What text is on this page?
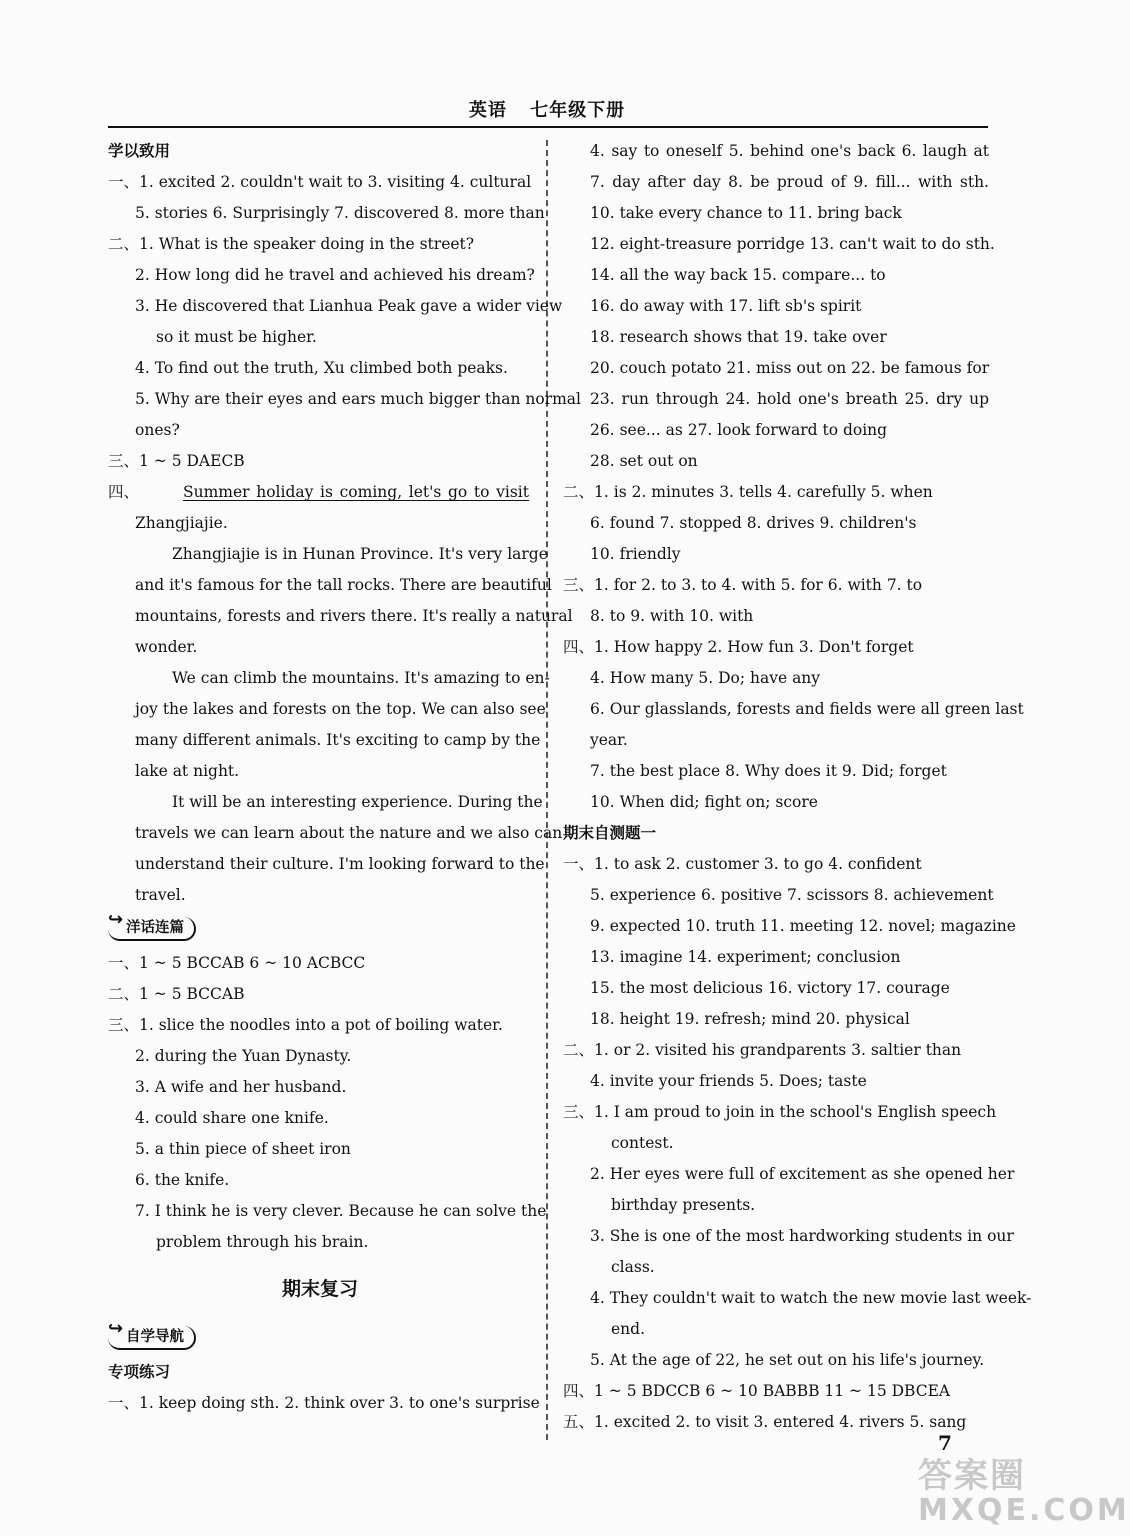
英语 七年级下册
学以致用
一、1. excited 2. couldn't wait to 3. visiting 4. cultural
5. stories 6. Surprisingly 7. discovered 8. more than
二、1. What is the speaker doing in the street?
2. How long did he travel and achieved his dream?
3. He discovered that Lianhua Peak gave a wider view
so it must be higher.
4. To find out the truth, Xu climbed both peaks.
5. Why are their eyes and ears much bigger than normal
ones?
三、1 ~ 5 DAECB
四、	Summer holiday is coming, let's go to visit
Zhangjiajie.
Zhangjiajie is in Hunan Province. It's very large
and it's famous for the tall rocks. There are beautiful
mountains, forests and rivers there. It's really a natural
wonder.
We can climb the mountains. It's amazing to en-
joy the lakes and forests on the top. We can also see
many different animals. It's exciting to camp by the
lake at night.
It will be an interesting experience. During the
travels we can learn about the nature and we also can
understand their culture. I'm looking forward to the
travel.
↪ 洋话连篇
一、1 ~ 5 BCCAB 6 ~ 10 ACBCC
二、1 ~ 5 BCCAB
三、1. slice the noodles into a pot of boiling water.
2. during the Yuan Dynasty.
3. A wife and her husband.
4. could share one knife.
5. a thin piece of sheet iron
6. the knife.
7. I think he is very clever. Because he can solve the
problem through his brain.
期末复习
↪ 自学导航
专项练习
一、1. keep doing sth. 2. think over 3. to one's surprise
4. say to oneself 5. behind one's back 6. laugh at
7. day after day 8. be proud of 9. fill... with sth.
10. take every chance to 11. bring back
12. eight-treasure porridge 13. can't wait to do sth.
14. all the way back 15. compare... to
16. do away with 17. lift sb's spirit
18. research shows that 19. take over
20. couch potato 21. miss out on 22. be famous for
23. run through 24. hold one's breath 25. dry up
26. see... as 27. look forward to doing
28. set out on
二、1. is 2. minutes 3. tells 4. carefully 5. when
6. found 7. stopped 8. drives 9. children's
10. friendly
三、1. for 2. to 3. to 4. with 5. for 6. with 7. to
8. to 9. with 10. with
四、1. How happy 2. How fun 3. Don't forget
4. How many 5. Do; have any
6. Our glasslands, forests and fields were all green last
year.
7. the best place 8. Why does it 9. Did; forget
10. When did; fight on; score
期末自测题一
一、1. to ask 2. customer 3. to go 4. confident
5. experience 6. positive 7. scissors 8. achievement
9. expected 10. truth 11. meeting 12. novel; magazine
13. imagine 14. experiment; conclusion
15. the most delicious 16. victory 17. courage
18. height 19. refresh; mind 20. physical
二、1. or 2. visited his grandparents 3. saltier than
4. invite your friends 5. Does; taste
三、1. I am proud to join in the school's English speech
contest.
2. Her eyes were full of excitement as she opened her
birthday presents.
3. She is one of the most hardworking students in our
class.
4. They couldn't wait to watch the new movie last week-
end.
5. At the age of 22, he set out on his life's journey.
四、1 ~ 5 BDCCB 6 ~ 10 BABBB 11 ~ 15 DBCEA
五、1. excited 2. to visit 3. entered 4. rivers 5. sang
7
答案圈
MXQE.COM
